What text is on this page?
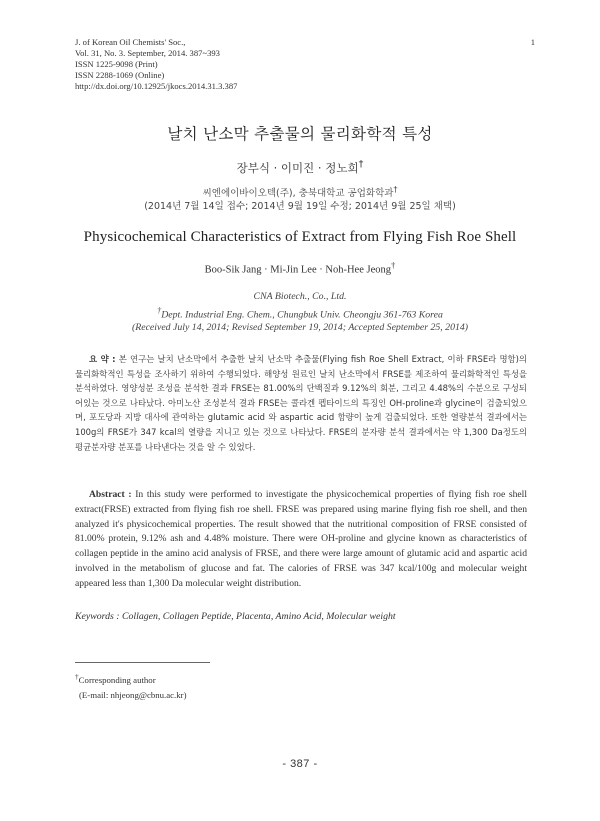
J. of Korean Oil Chemists' Soc.,
Vol. 31, No. 3. September, 2014. 387~393
ISSN 1225-9098 (Print)
ISSN 2288-1069 (Online)
http://dx.doi.org/10.12925/jkocs.2014.31.3.387
1
날치 난소막 추출물의 물리화학적 특성
장부식 · 이미진 · 정노희†
씨엔에이바이오텍(주), 충북대학교 공업화학과†
(2014년 7월 14일 접수; 2014년 9월 19일 수정; 2014년 9월 25일 채택)
Physicochemical Characteristics of Extract from Flying Fish Roe Shell
Boo-Sik Jang · Mi-Jin Lee · Noh-Hee Jeong†
CNA Biotech., Co., Ltd.
†Dept. Industrial Eng. Chem., Chungbuk Univ. Cheongju 361-763 Korea
(Received July 14, 2014; Revised September 19, 2014; Accepted September 25, 2014)
요 약 : 본 연구는 날치 난소막에서 추출한 날치 난소막 추출물(Flying fish Roe Shell Extract, 이하 FRSE라 명함)의 물리화학적인 특성을 조사하기 위하여 수행되었다. 해양성 원료인 날치 난소막에서 FRSE를 제조하여 물리화학적인 특성을 분석하였다. 영양성분 조성을 분석한 결과 FRSE는 81.00%의 단백질과 9.12%의 회분, 그리고 4.48%의 수분으로 구성되어있는 것으로 나타났다. 아미노산 조성분석 결과 FRSE는 콜라겐 펩타이드의 특징인 OH-proline과 glycine이 검출되었으며, 포도당과 지방 대사에 관여하는 glutamic acid 와 aspartic acid 함량이 높게 검출되었다. 또한 열량분석 결과에서는 100g의 FRSE가 347 kcal의 열량을 지니고 있는 것으로 나타났다. FRSE의 분자량 분석 결과에서는 약 1,300 Da정도의 평균분자량 분포를 나타낸다는 것을 알 수 있었다.
Abstract : In this study were performed to investigate the physicochemical properties of flying fish roe shell extract(FRSE) extracted from flying fish roe shell. FRSE was prepared using marine flying fish roe shell, and then analyzed it's physicochemical properties. The result showed that the nutritional composition of FRSE consisted of 81.00% protein, 9.12% ash and 4.48% moisture. There were OH-proline and glycine known as characteristics of collagen peptide in the amino acid analysis of FRSE, and there were large amount of glutamic acid and aspartic acid involved in the metabolism of glucose and fat. The calories of FRSE was 347 kcal/100g and molecular weight appeared less than 1,300 Da molecular weight distribution.
Keywords : Collagen, Collagen Peptide, Placenta, Amino Acid, Molecular weight
†Corresponding author
(E-mail: nhjeong@cbnu.ac.kr)
- 387 -
